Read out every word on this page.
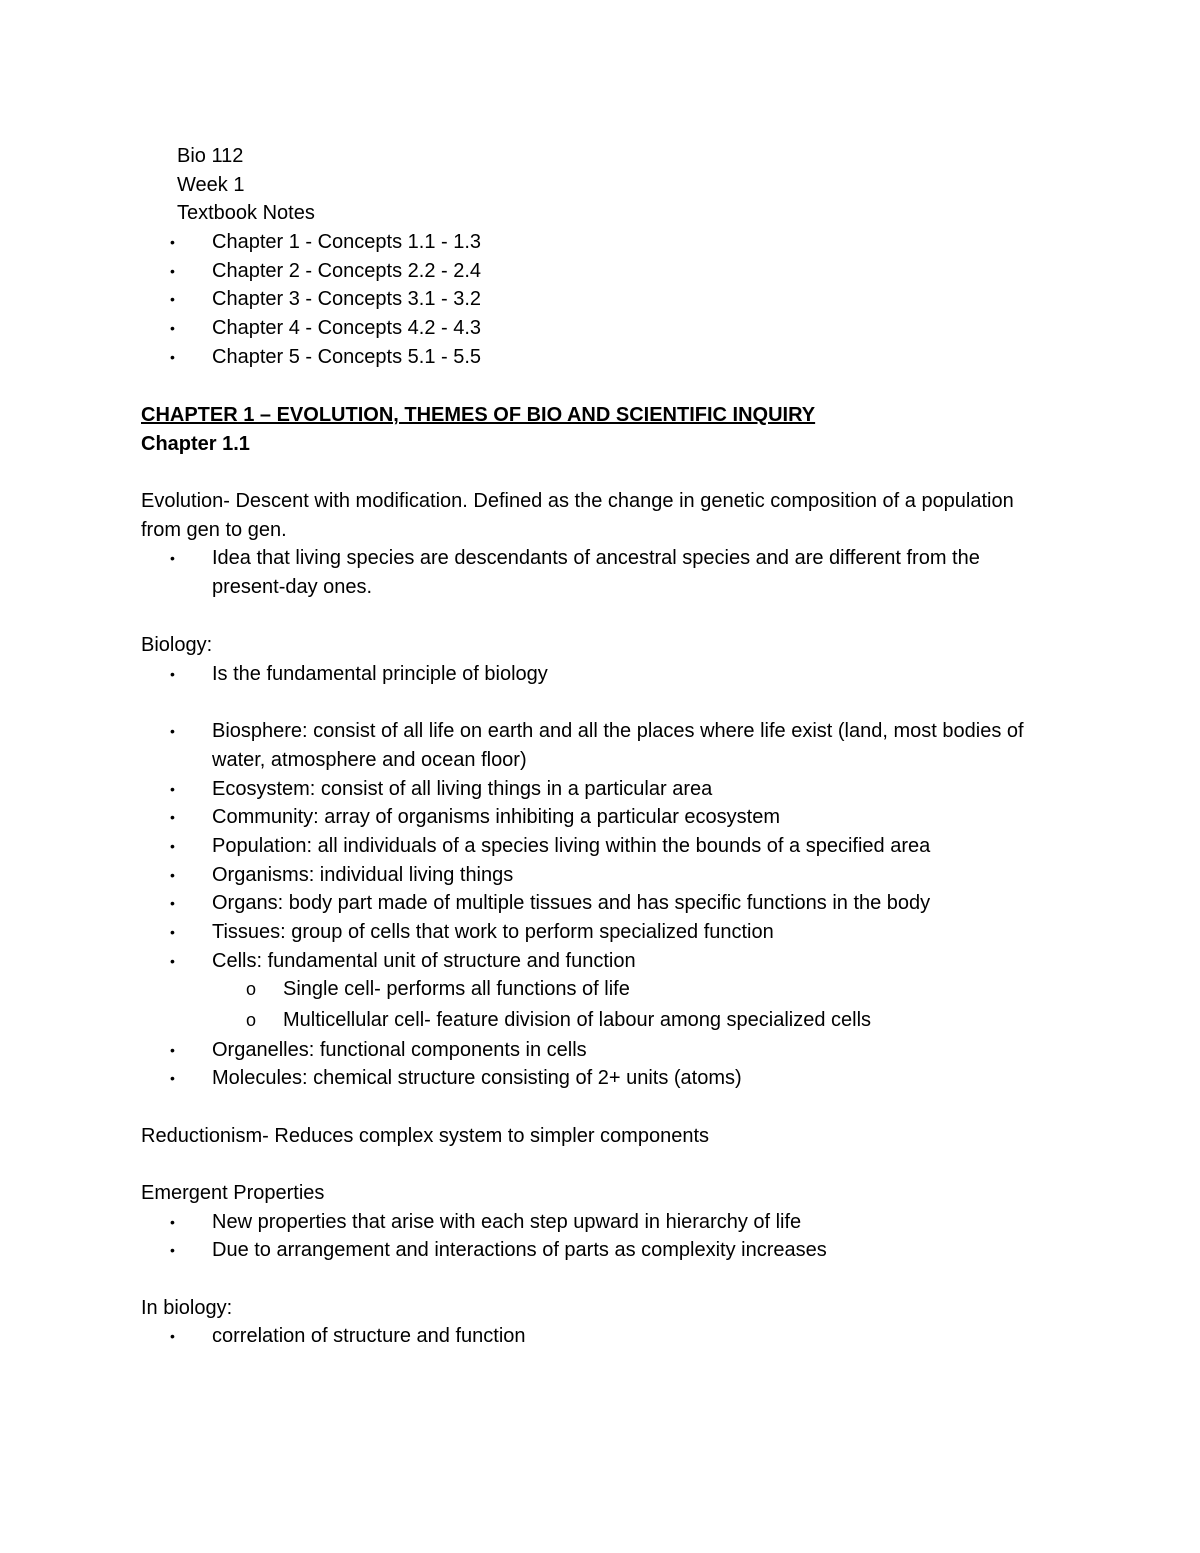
Bio 112
Week 1
Textbook Notes
•	Chapter 1 - Concepts 1.1 - 1.3
•	Chapter 2 - Concepts 2.2 - 2.4
•	Chapter 3 - Concepts 3.1 - 3.2
•	Chapter 4 - Concepts 4.2 - 4.3
•	Chapter 5 - Concepts 5.1 - 5.5
CHAPTER 1 – EVOLUTION, THEMES OF BIO AND SCIENTIFIC INQUIRY
Chapter 1.1
Evolution- Descent with modification. Defined as the change in genetic composition of a population from gen to gen.
•	Idea that living species are descendants of ancestral species and are different from the present-day ones.
Biology:
•	Is the fundamental principle of biology
•	Biosphere: consist of all life on earth and all the places where life exist (land, most bodies of water, atmosphere and ocean floor)
•	Ecosystem: consist of all living things in a particular area
•	Community: array of organisms inhibiting a particular ecosystem
•	Population: all individuals of a species living within the bounds of a specified area
•	Organisms: individual living things
•	Organs: body part made of multiple tissues and has specific functions in the body
•	Tissues: group of cells that work to perform specialized function
•	Cells: fundamental unit of structure and function
o Single cell- performs all functions of life
o Multicellular cell- feature division of labour among specialized cells
•	Organelles: functional components in cells
•	Molecules: chemical structure consisting of 2+ units (atoms)
Reductionism- Reduces complex system to simpler components
Emergent Properties
•	New properties that arise with each step upward in hierarchy of life
•	Due to arrangement and interactions of parts as complexity increases
In biology:
•	correlation of structure and function
